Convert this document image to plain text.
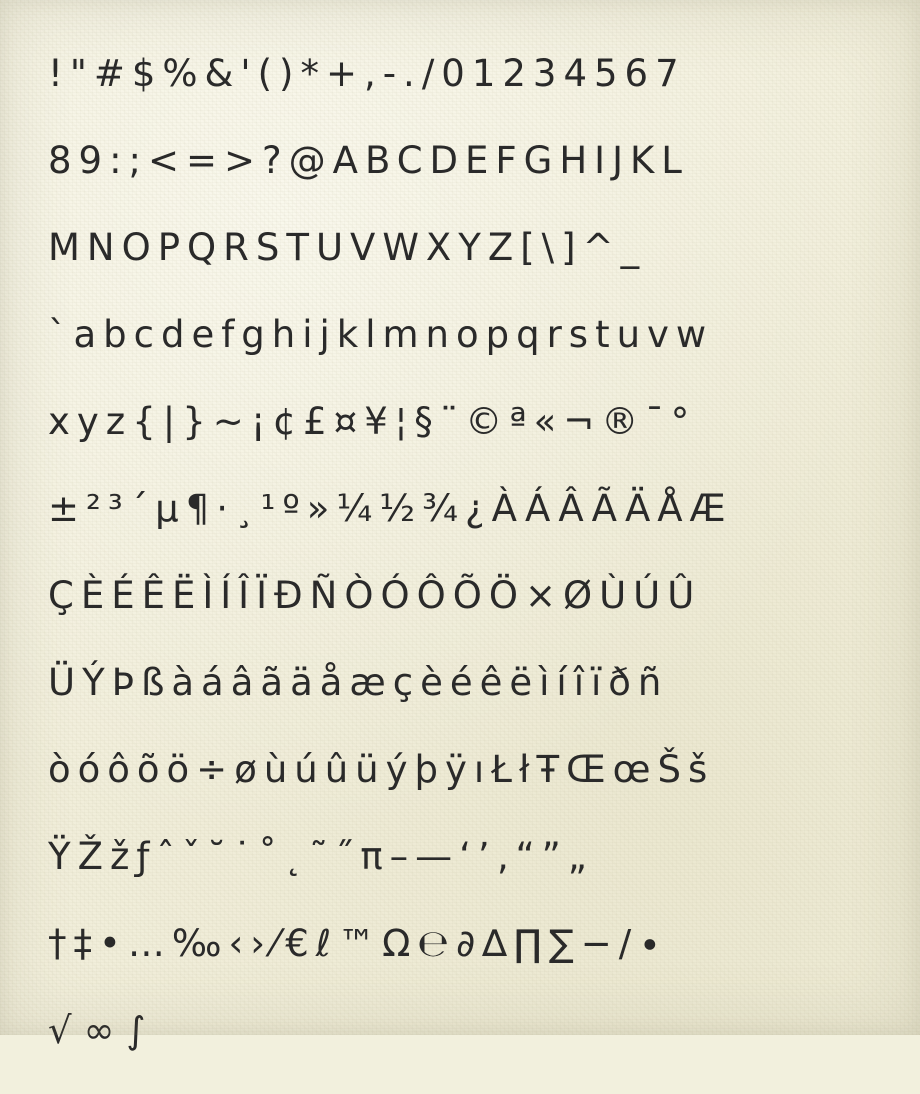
!"#$%&'()*+,-./01234567
89:;<=>?@ABCDEFGHIJKL
MNOPQRSTUVWXYZ[\]^_
`abcdefghijklmnopqrstuvw
xyz{|}~¡¢£¤¥¦§¨©ª«¬®¯°
±²³´µ¶·¸¹º»¼½¾¿ÀÁÂÃÄÅÆ
ÇÈÉÊËÌÍÎÏÐÑÒÓÔÕÖ×ØÙÚÛ
ÜÝÞßàáâãäåæçèéêëìíîïðñ
òóôõö÷øùúûüýþÿıŁłŦŒœŠš
ŸŽžƒˆˇ˘˙˚˛˜˝π–—‘’‚“”„
†‡•…‰‹›⁄€ℓ™Ω℮∂∆∏∑−∕∙
√∞∫
